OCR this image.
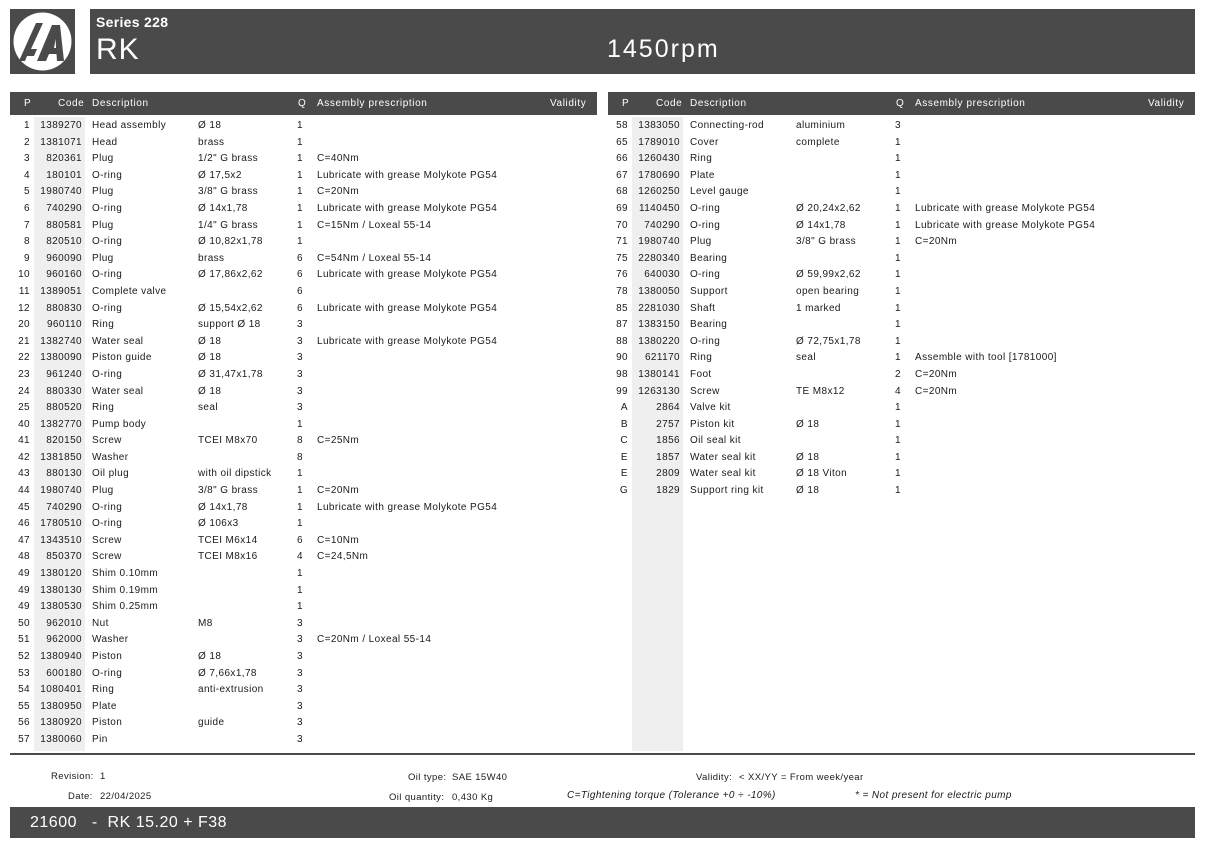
Series 228
RK	1450rpm
P	Code Description	Q Assembly prescription	Validity	P	Code Description	Q Assembly prescription	Validity
1	1389270 Head assembly	Ø 18	1
2	1381071 Head	brass	1
3	820361 Plug	1/2" G brass	1 C=40Nm
4	180101 O-ring	Ø 17,5x2	1 Lubricate with grease Molykote PG54
5	1980740 Plug	3/8" G brass	1 C=20Nm
6	740290 O-ring	Ø 14x1,78	1 Lubricate with grease Molykote PG54
7	880581 Plug	1/4" G brass	1 C=15Nm / Loxeal 55-14
8	820510 O-ring	Ø 10,82x1,78	1
9	960090 Plug	brass	6 C=54Nm / Loxeal 55-14
10	960160 O-ring	Ø 17,86x2,62	6 Lubricate with grease Molykote PG54
11	1389051 Complete valve	6
12	880830 O-ring	Ø 15,54x2,62	6 Lubricate with grease Molykote PG54
20	960110 Ring	support Ø 18	3
21	1382740 Water seal	Ø 18	3 Lubricate with grease Molykote PG54
22	1380090 Piston guide	Ø 18	3
23	961240 O-ring	Ø 31,47x1,78	3
24	880330 Water seal	Ø 18	3
25	880520 Ring	seal	3
40	1382770 Pump body	1
41	820150 Screw	TCEI M8x70	8 C=25Nm
42	1381850 Washer	8
43	880130 Oil plug	with oil dipstick	1
44	1980740 Plug	3/8" G brass	1 C=20Nm
45	740290 O-ring	Ø 14x1,78	1 Lubricate with grease Molykote PG54
46	1780510 O-ring	Ø 106x3	1
47	1343510 Screw	TCEI M6x14	6 C=10Nm
48	850370 Screw	TCEI M8x16	4 C=24,5Nm
49	1380120 Shim 0.10mm	1
49	1380130 Shim 0.19mm	1
49	1380530 Shim 0.25mm	1
50	962010 Nut	M8	3
51	962000 Washer	3 C=20Nm / Loxeal 55-14
52	1380940 Piston	Ø 18	3
53	600180 O-ring	Ø 7,66x1,78	3
54	1080401 Ring	anti-extrusion	3
55	1380950 Plate	3
56	1380920 Piston	guide	3
57	1380060 Pin	3
58	1383050 Connecting-rod	aluminium	3
65	1789010 Cover	complete	1
66	1260430 Ring	1
67	1780690 Plate	1
68	1260250 Level gauge	1
69	1140450 O-ring	Ø 20,24x2,62	1 Lubricate with grease Molykote PG54
70	740290 O-ring	Ø 14x1,78	1 Lubricate with grease Molykote PG54
71	1980740 Plug	3/8" G brass	1 C=20Nm
75	2280340 Bearing	1
76	640030 O-ring	Ø 59,99x2,62	1
78	1380050 Support	open bearing	1
85	2281030 Shaft	1 marked	1
87	1383150 Bearing	1
88	1380220 O-ring	Ø 72,75x1,78	1
90	621170 Ring	seal	1 Assemble with tool [1781000]
98	1380141 Foot	2 C=20Nm
99	1263130 Screw	TE M8x12	4 C=20Nm
A	2864 Valve kit	1
B	2757 Piston kit	Ø 18	1
C	1856 Oil seal kit	1
E	1857 Water seal kit	Ø 18	1
E	2809 Water seal kit	Ø 18 Viton	1
G	1829 Support ring kit	Ø 18	1
Revision: 1
Date: 22/04/2025
Oil type: SAE 15W40
Oil quantity: 0,430 Kg
Validity: < XX/YY = From week/year
C=Tightening torque (Tolerance +0 ÷ -10%)	* = Not present for electric pump
21600   -  RK 15.20 + F38
